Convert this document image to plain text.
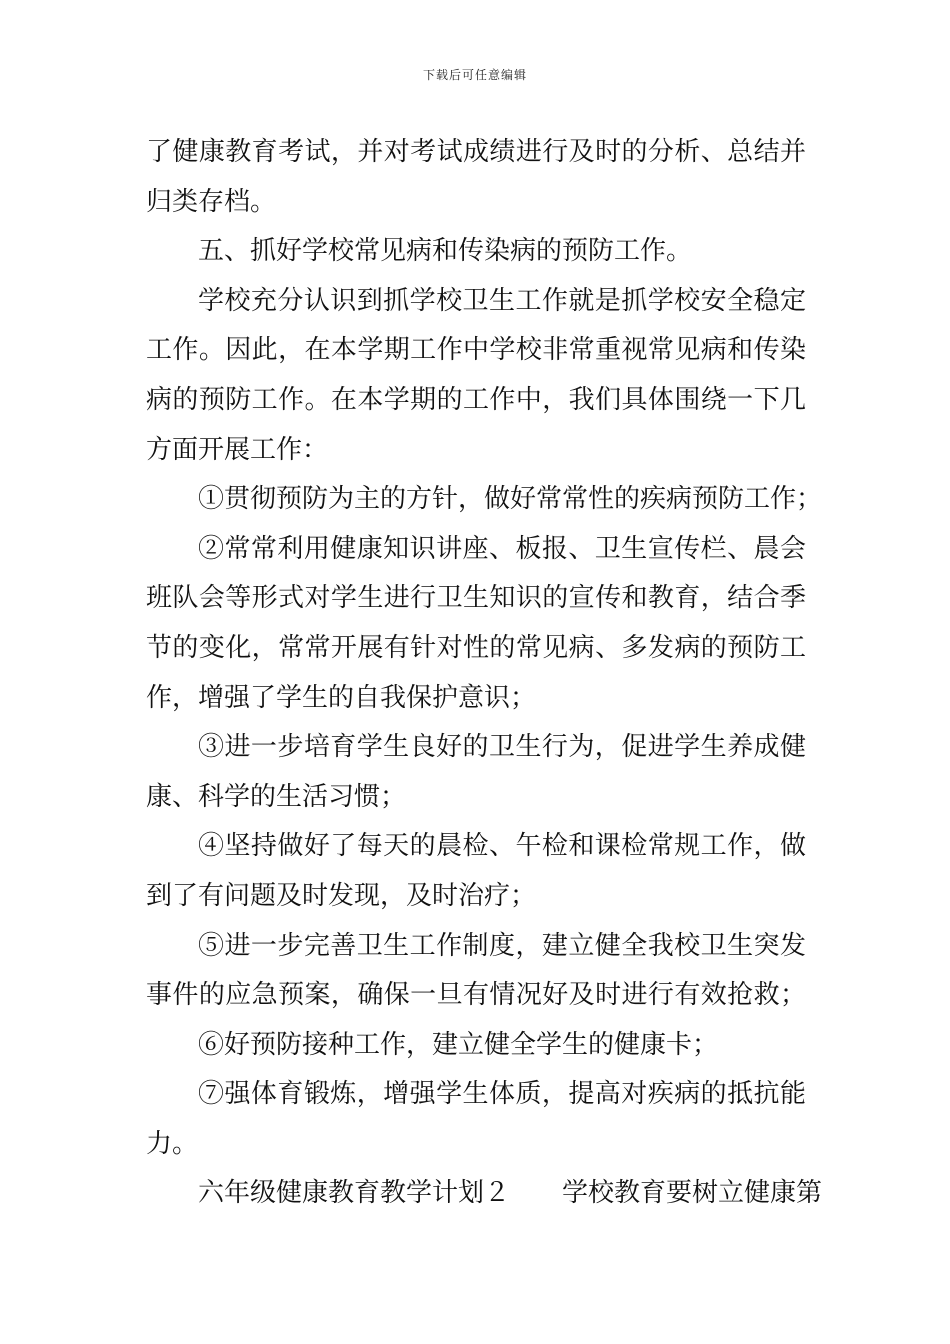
下载后可任意编辑
了健康教育考试，并对考试成绩进行及时的分析、总结并
归类存档。
五、抓好学校常见病和传染病的预防工作。
学校充分认识到抓学校卫生工作就是抓学校安全稳定
工作。因此，在本学期工作中学校非常重视常见病和传染
病的预防工作。在本学期的工作中，我们具体围绕一下几
方面开展工作：
①贯彻预防为主的方针，做好常常性的疾病预防工作；
②常常利用健康知识讲座、板报、卫生宣传栏、晨会
班队会等形式对学生进行卫生知识的宣传和教育，结合季
节的变化，常常开展有针对性的常见病、多发病的预防工
作，增强了学生的自我保护意识；
③进一步培育学生良好的卫生行为，促进学生养成健
康、科学的生活习惯；
④坚持做好了每天的晨检、午检和课检常规工作，做
到了有问题及时发现，及时治疗；
⑤进一步完善卫生工作制度，建立健全我校卫生突发
事件的应急预案，确保一旦有情况好及时进行有效抢救；
⑥好预防接种工作，建立健全学生的健康卡；
⑦强体育锻炼，增强学生体质，提高对疾病的抵抗能
力。
六年级健康教育教学计划２ 学校教育要树立健康第
